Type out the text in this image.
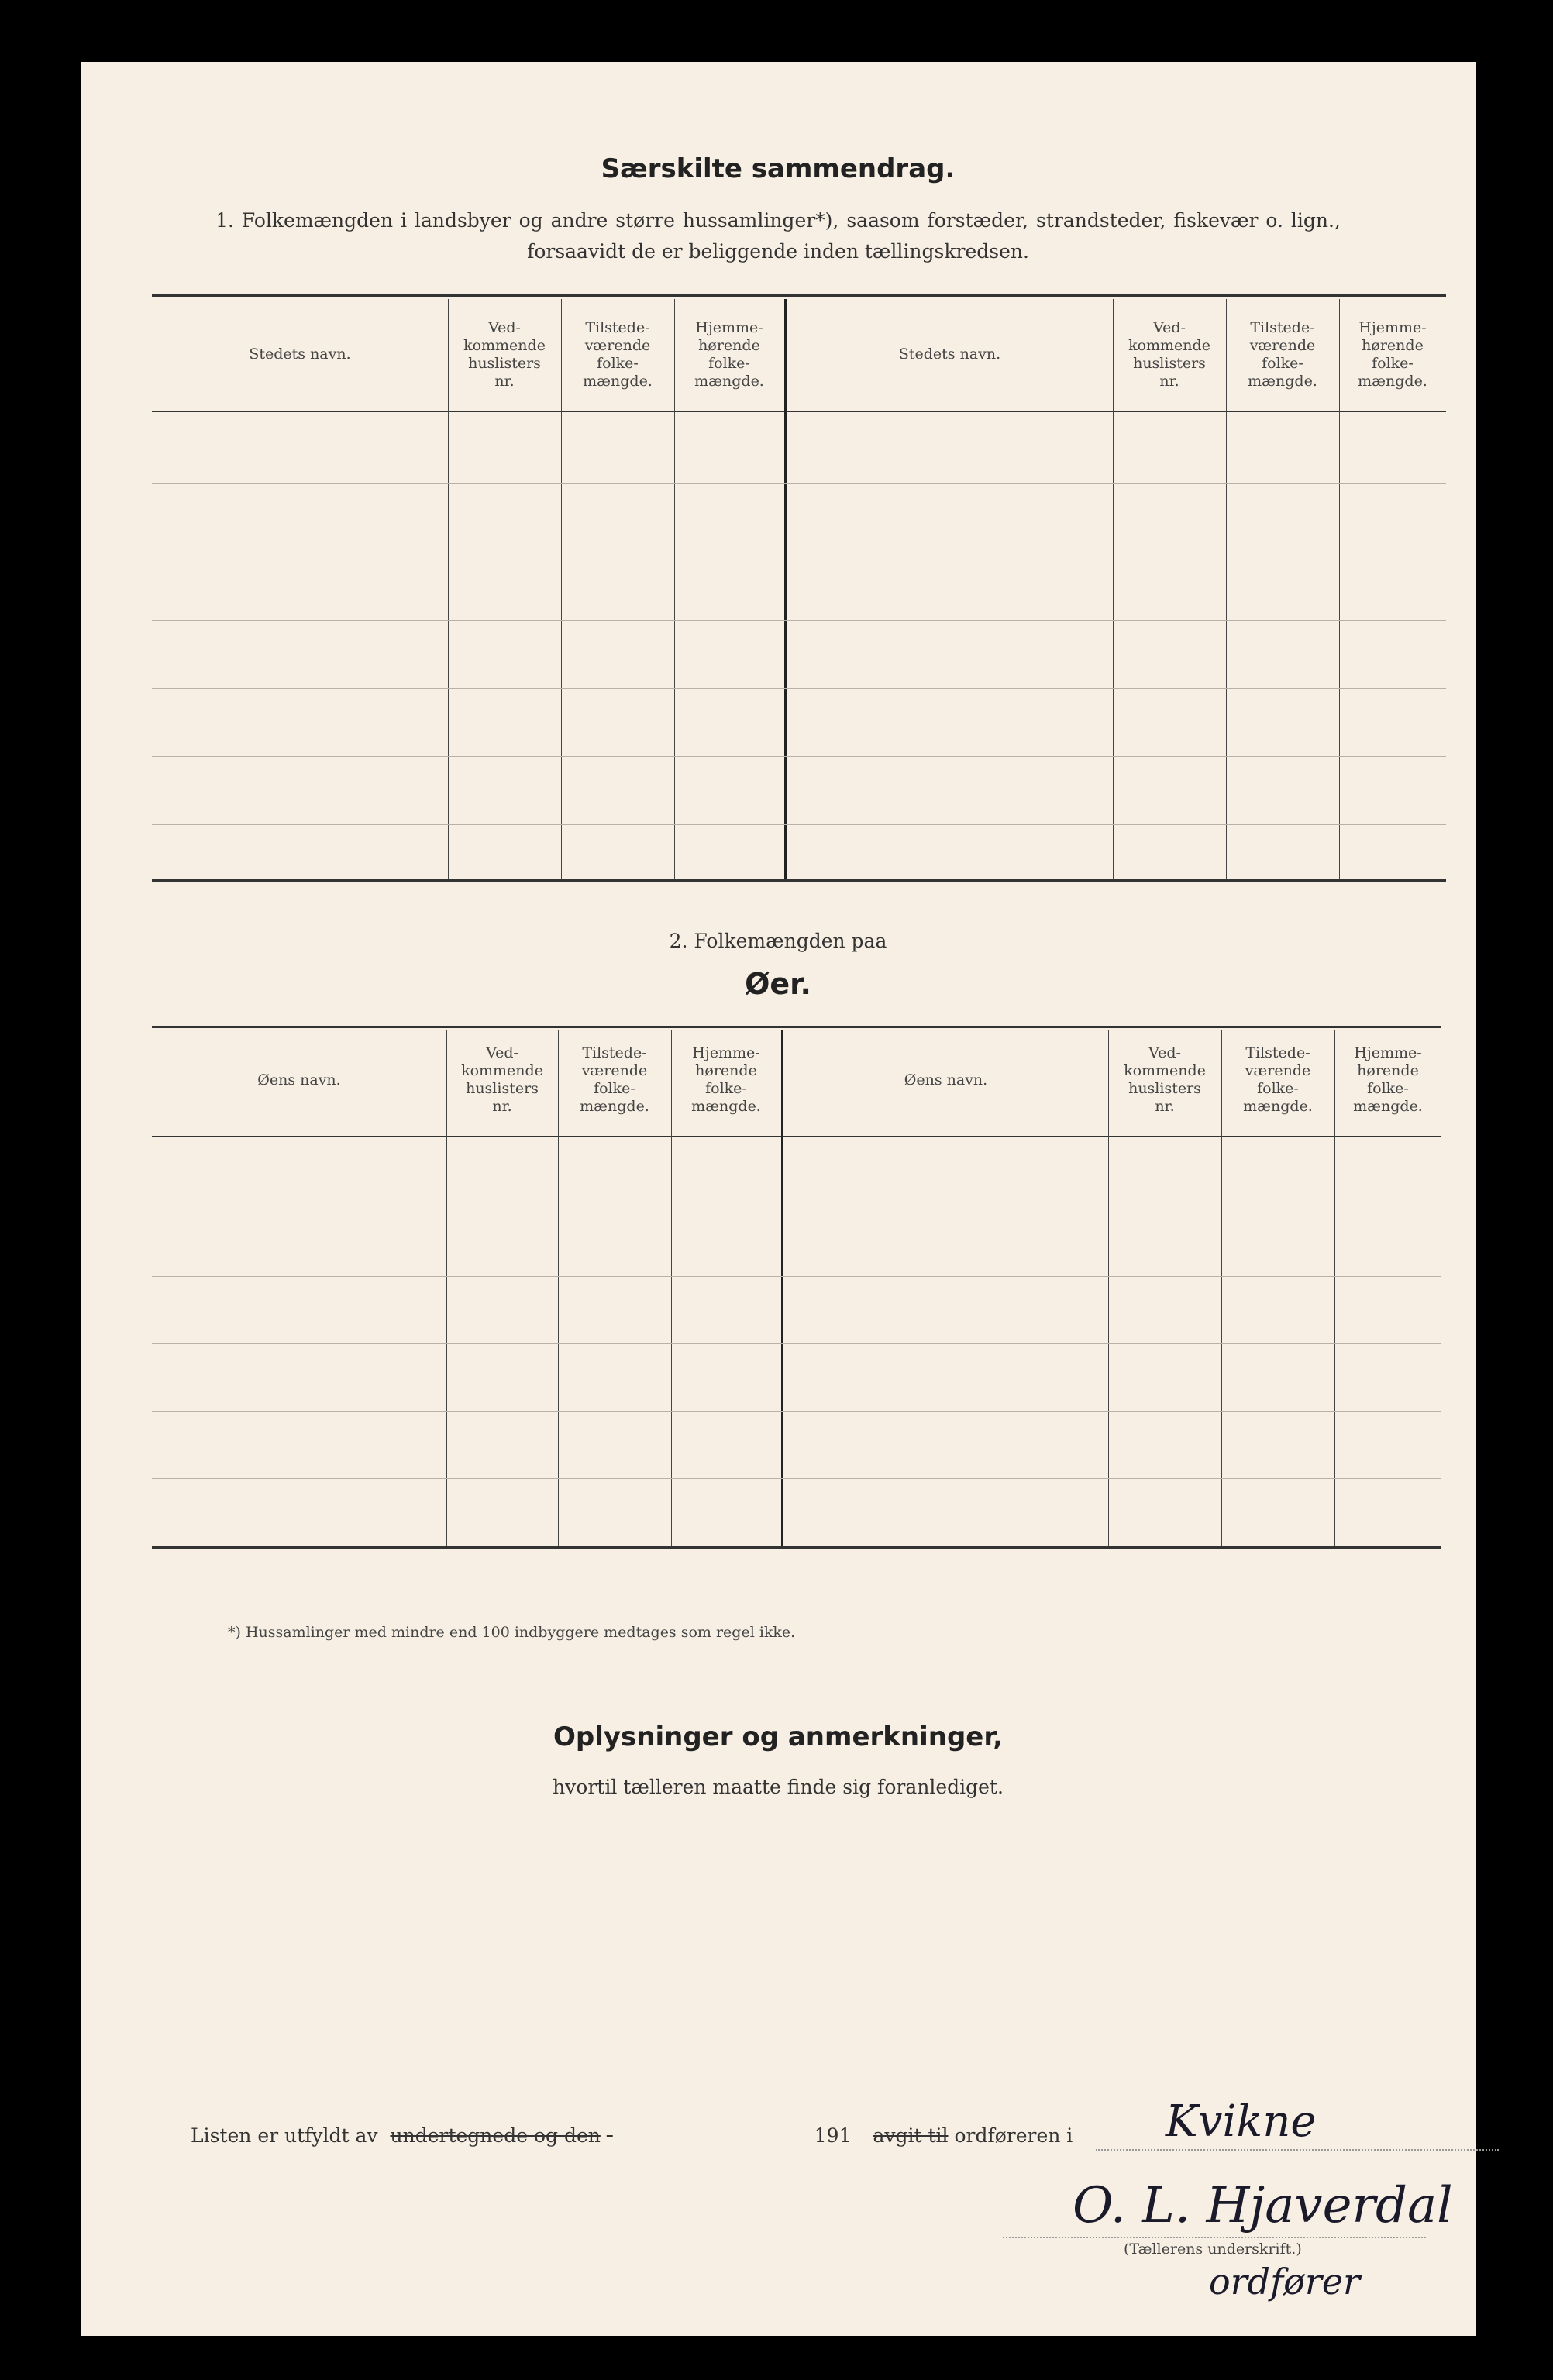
Særskilte sammendrag.
1. Folkemængden i landsbyer og andre større hussamlinger*), saasom forstæder, strandsteder, fiskevær o. lign.,
forsaavidt de er beliggende inden tællingskredsen.
Stedets navn.
Ved-
kommende
huslisters
nr.
Tilstede-
værende
folke-
mængde.
Hjemme-
hørende
folke-
mængde.
Stedets navn.
Ved-
kommende
huslisters
nr.
Tilstede-
værende
folke-
mængde.
Hjemme-
hørende
folke-
mængde.
2. Folkemængden paa
Øer.
Øens navn.
Ved-
kommende
huslisters
nr.
Tilstede-
værende
folke-
mængde.
Hjemme-
hørende
folke-
mængde.
Øens navn.
Ved-
kommende
huslisters
nr.
Tilstede-
værende
folke-
mængde.
Hjemme-
hørende
folke-
mængde.
*) Hussamlinger med mindre end 100 indbyggere medtages som regel ikke.
Oplysninger og anmerkninger,
hvortil tælleren maatte finde sig foranlediget.
Listen er utfyldt av undertegnede og den	191 avgit til ordføreren i Kvikne
O. L. Hjaverdal
(Tællerens underskrift.)
ordfører
